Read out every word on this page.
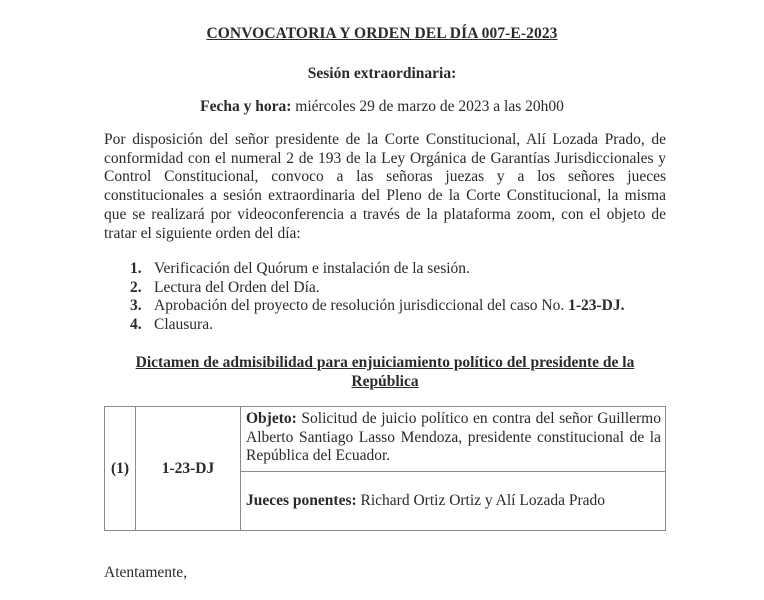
CONVOCATORIA Y ORDEN DEL DÍA 007-E-2023
Sesión extraordinaria:
Fecha y hora: miércoles 29 de marzo de 2023 a las 20h00
Por disposición del señor presidente de la Corte Constitucional, Alí Lozada Prado, de conformidad con el numeral 2 de 193 de la Ley Orgánica de Garantías Jurisdiccionales y Control Constitucional, convoco a las señoras juezas y a los señores jueces constitucionales a sesión extraordinaria del Pleno de la Corte Constitucional, la misma que se realizará por videoconferencia a través de la plataforma zoom, con el objeto de tratar el siguiente orden del día:
1. Verificación del Quórum e instalación de la sesión.
2. Lectura del Orden del Día.
3. Aprobación del proyecto de resolución jurisdiccional del caso No. 1-23-DJ.
4. Clausura.
Dictamen de admisibilidad para enjuiciamiento político del presidente de la República
(1)	1-23-DJ	Objeto: Solicitud de juicio político en contra del señor Guillermo Alberto Santiago Lasso Mendoza, presidente constitucional de la República del Ecuador.
Jueces ponentes: Richard Ortiz Ortiz y Alí Lozada Prado
Atentamente,
